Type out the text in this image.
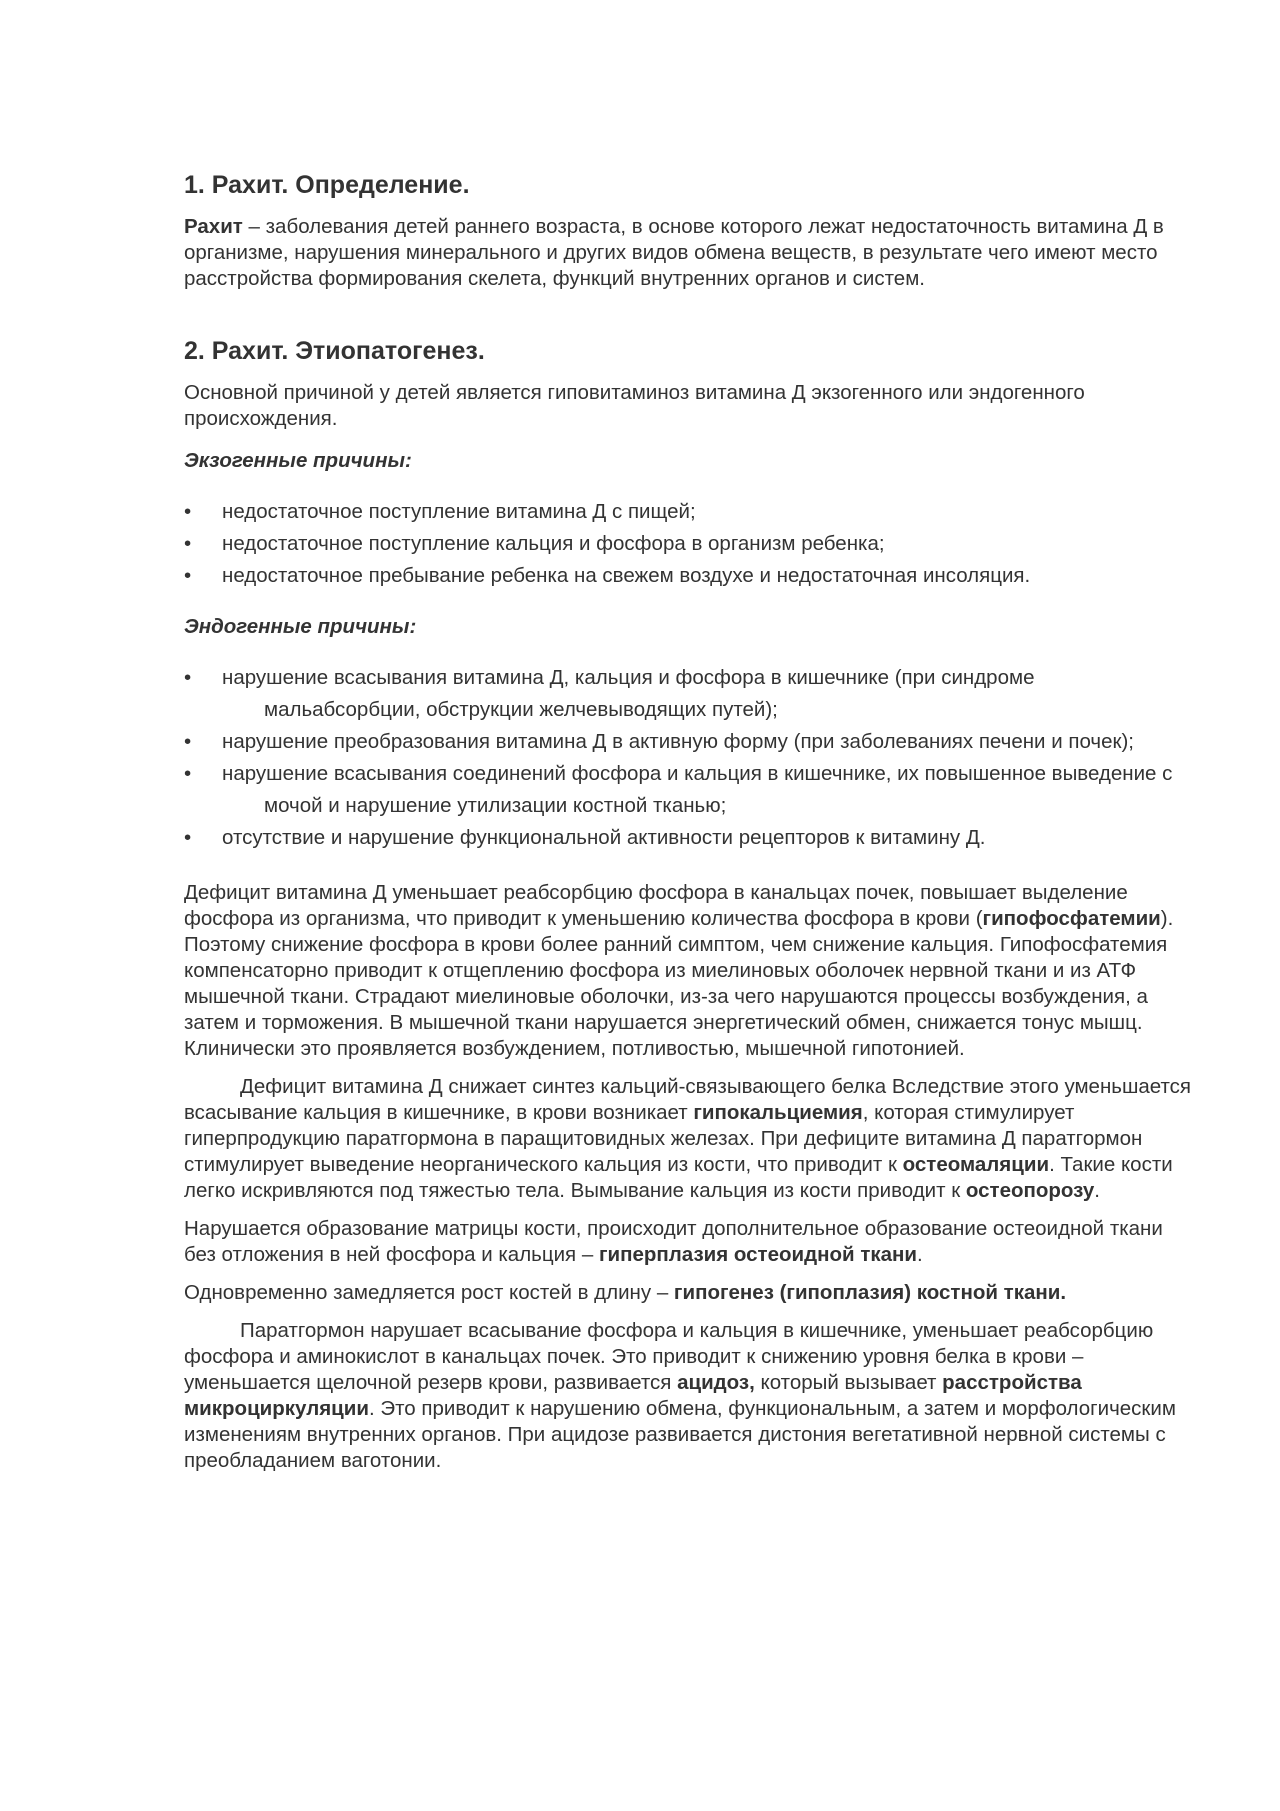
1. Рахит. Определение.

Рахит – заболевания детей раннего возраста, в основе которого лежат недостаточность витамина Д в организме, нарушения минерального и других видов обмена веществ, в результате чего имеют место расстройства формирования скелета, функций внутренних органов и систем.

2. Рахит. Этиопатогенез.

Основной причиной у детей является гиповитаминоз витамина Д экзогенного или эндогенного происхождения.

Экзогенные причины:

• недостаточное поступление витамина Д с пищей;
• недостаточное поступление кальция и фосфора в организм ребенка;
• недостаточное пребывание ребенка на свежем воздухе и недостаточная инсоляция.

Эндогенные причины:

• нарушение всасывания витамина Д, кальция и фосфора в кишечнике (при синдроме мальабсорбции, обструкции желчевыводящих путей);
• нарушение преобразования витамина Д в активную форму (при заболеваниях печени и почек);
• нарушение всасывания соединений фосфора и кальция в кишечнике, их повышенное выведение с мочой и нарушение утилизации костной тканью;
• отсутствие и нарушение функциональной активности рецепторов к витамину Д.

Дефицит витамина Д уменьшает реабсорбцию фосфора в канальцах почек, повышает выделение фосфора из организма, что приводит к уменьшению количества фосфора в крови (гипофосфатемии). Поэтому снижение фосфора в крови более ранний симптом, чем снижение кальция. Гипофосфатемия компенсаторно приводит к отщеплению фосфора из миелиновых оболочек нервной ткани и из АТФ мышечной ткани. Страдают миелиновые оболочки, из-за чего нарушаются процессы возбуждения, а затем и торможения. В мышечной ткани нарушается энергетический обмен, снижается тонус мышц. Клинически это проявляется возбуждением, потливостью, мышечной гипотонией.

Дефицит витамина Д снижает синтез кальций-связывающего белка Вследствие этого уменьшается всасывание кальция в кишечнике, в крови возникает гипокальциемия, которая стимулирует гиперпродукцию паратгормона в паращитовидных железах. При дефиците витамина Д паратгормон стимулирует выведение неорганического кальция из кости, что приводит к остеомаляции. Такие кости легко искривляются под тяжестью тела. Вымывание кальция из кости приводит к остеопорозу.

Нарушается образование матрицы кости, происходит дополнительное образование остеоидной ткани без отложения в ней фосфора и кальция – гиперплазия остеоидной ткани.

Одновременно замедляется рост костей в длину – гипогенез (гипоплазия) костной ткани.

Паратгормон нарушает всасывание фосфора и кальция в кишечнике, уменьшает реабсорбцию фосфора и аминокислот в канальцах почек. Это приводит к снижению уровня белка в крови – уменьшается щелочной резерв крови, развивается ацидоз, который вызывает расстройства микроциркуляции. Это приводит к нарушению обмена, функциональным, а затем и морфологическим изменениям внутренних органов. При ацидозе развивается дистония вегетативной нервной системы с преобладанием ваготонии.
